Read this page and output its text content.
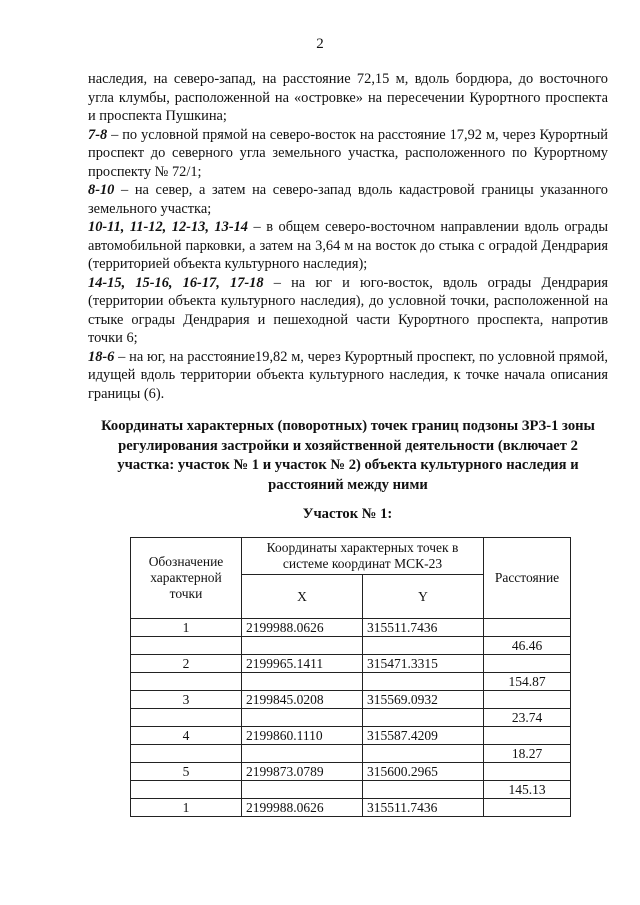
2

наследия, на северо-запад, на расстояние 72,15 м, вдоль бордюра, до восточного угла клумбы, расположенной на «островке» на пересечении Курортного проспекта и проспекта Пушкина;

7-8 – по условной прямой на северо-восток на расстояние 17,92 м, через Курортный проспект до северного угла земельного участка, расположенного по Курортному проспекту № 72/1;

8-10 – на север, а затем на северо-запад вдоль кадастровой границы указанного земельного участка;

10-11, 11-12, 12-13, 13-14 – в общем северо-восточном направлении вдоль ограды автомобильной парковки, а затем на 3,64 м на восток до стыка с оградой Дендрария (территорией объекта культурного наследия);

14-15, 15-16, 16-17, 17-18 – на юг и юго-восток, вдоль ограды Дендрария (территории объекта культурного наследия), до условной точки, расположенной на стыке ограды Дендрария и пешеходной части Курортного проспекта, напротив точки 6;

18-6 – на юг, на расстояние19,82 м, через Курортный проспект, по условной прямой, идущей вдоль территории объекта культурного наследия, к точке начала описания границы (6).

Координаты характерных (поворотных) точек границ подзоны ЗРЗ-1 зоны регулирования застройки и хозяйственной деятельности (включает 2 участка: участок № 1 и участок № 2) объекта культурного наследия и расстояний между ними
Участок № 1:
Обозначение характерной точки	Координаты характерных точек в системе координат МСК-23		Расстояние
	X	Y	
1	2199988.0626	315511.7436	
			46.46
2	2199965.1411	315471.3315	
			154.87
3	2199845.0208	315569.0932	
			23.74
4	2199860.1110	315587.4209	
			18.27
5	2199873.0789	315600.2965	
			145.13
1	2199988.0626	315511.7436	
